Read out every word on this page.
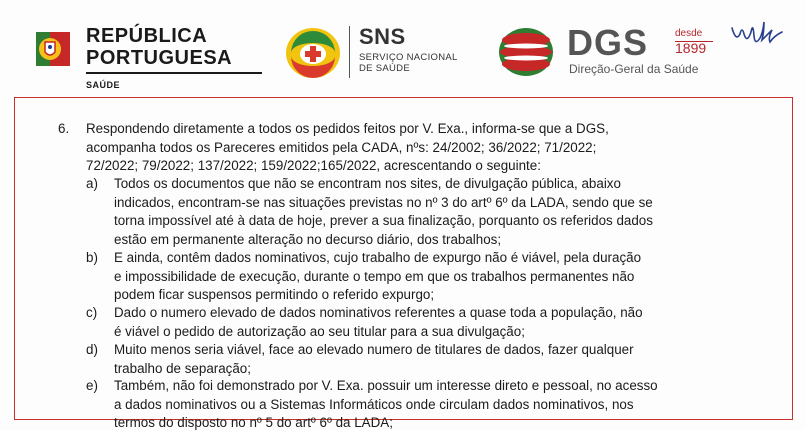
REPÚBLICA
PORTUGUESA
SAÚDE
SNS
SERVIÇO NACIONAL
DE SAÚDE
DGS	desde
1899
Direção-Geral da Saúde
6. Respondendo diretamente a todos os pedidos feitos por V. Exa., informa-se que a DGS,
acompanha todos os Pareceres emitidos pela CADA, nºs: 24/2002; 36/2022; 71/2022;
72/2022; 79/2022; 137/2022; 159/2022;165/2022, acrescentando o seguinte:
a) Todos os documentos que não se encontram nos sites, de divulgação pública, abaixo
indicados, encontram-se nas situações previstas no nº 3 do artº 6º da LADA, sendo que se
torna impossível até à data de hoje, prever a sua finalização, porquanto os referidos dados
estão em permanente alteração no decurso diário, dos trabalhos;
b) E ainda, contêm dados nominativos, cujo trabalho de expurgo não é viável, pela duração
e impossibilidade de execução, durante o tempo em que os trabalhos permanentes não
podem ficar suspensos permitindo o referido expurgo;
c) Dado o numero elevado de dados nominativos referentes a quase toda a população, não
é viável o pedido de autorização ao seu titular para a sua divulgação;
d) Muito menos seria viável, face ao elevado numero de titulares de dados, fazer qualquer
trabalho de separação;
e) Também, não foi demonstrado por V. Exa. possuir um interesse direto e pessoal, no acesso
a dados nominativos ou a Sistemas Informáticos onde circulam dados nominativos, nos
termos do disposto no nº 5 do artº 6º da LADA;
